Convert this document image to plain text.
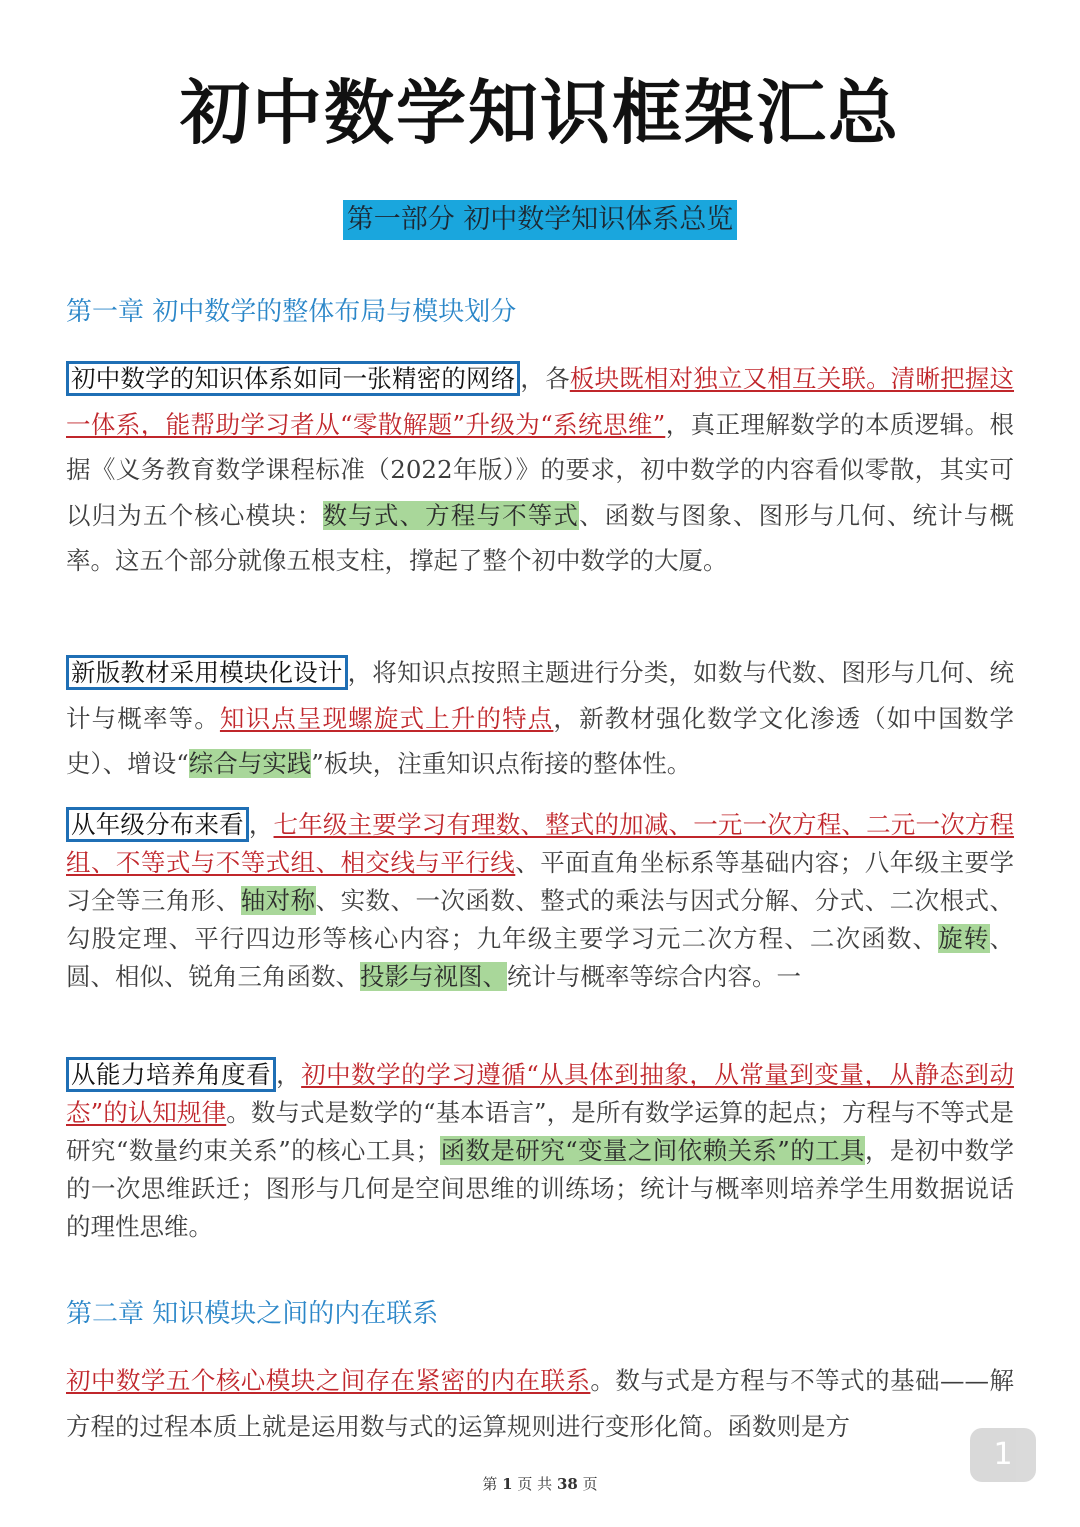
初中数学知识框架汇总
第一部分 初中数学知识体系总览
第一章 初中数学的整体布局与模块划分
初中数学的知识体系如同一张精密的网络 ，各板块既相对独立又相互关联。清晰把握这一体系，能帮助学习者从“零散解题”升级为“系统思维”，真正理解数学的本质逻辑。根据《义务教育数学课程标准（2022年版）》的要求，初中数学的内容看似零散，其实可以归为五个核心模块：数与式、方程与不等式、函数与图象、图形与几何、统计与概率。这五个部分就像五根支柱，撑起了整个初中数学的大厦。
新版教材采用模块化设计 ，将知识点按照主题进行分类，如数与代数、图形与几何、统计与概率等。知识点呈现螺旋式上升的特点，新教材强化数学文化渗透（如中国数学史）、增设“综合与实践”板块，注重知识点衔接的整体性。
从年级分布来看 ，七年级主要学习有理数、整式的加减、一元一次方程、二元一次方程组、不等式与不等式组、相交线与平行线、平面直角坐标系等基础内容；八年级主要学习全等三角形、轴对称、实数、一次函数、整式的乘法与因式分解、分式、二次根式、勾股定理、平行四边形等核心内容；九年级主要学习元二次方程、二次函数、旋转、圆、相似、锐角三角函数、投影与视图、统计与概率等综合内容。一
从能力培养角度看 ，初中数学的学习遵循“从具体到抽象，从常量到变量，从静态到动态”的认知规律。数与式是数学的“基本语言”，是所有数学运算的起点；方程与不等式是研究“数量约束关系”的核心工具；函数是研究“变量之间依赖关系”的工具，是初中数学的一次思维跃迁；图形与几何是空间思维的训练场；统计与概率则培养学生用数据说话的理性思维。
第二章 知识模块之间的内在联系
初中数学五个核心模块之间存在紧密的内在联系。数与式是方程与不等式的基础——解方程的过程本质上就是运用数与式的运算规则进行变形化简。函数则是方
1
第 1 页 共 38 页
